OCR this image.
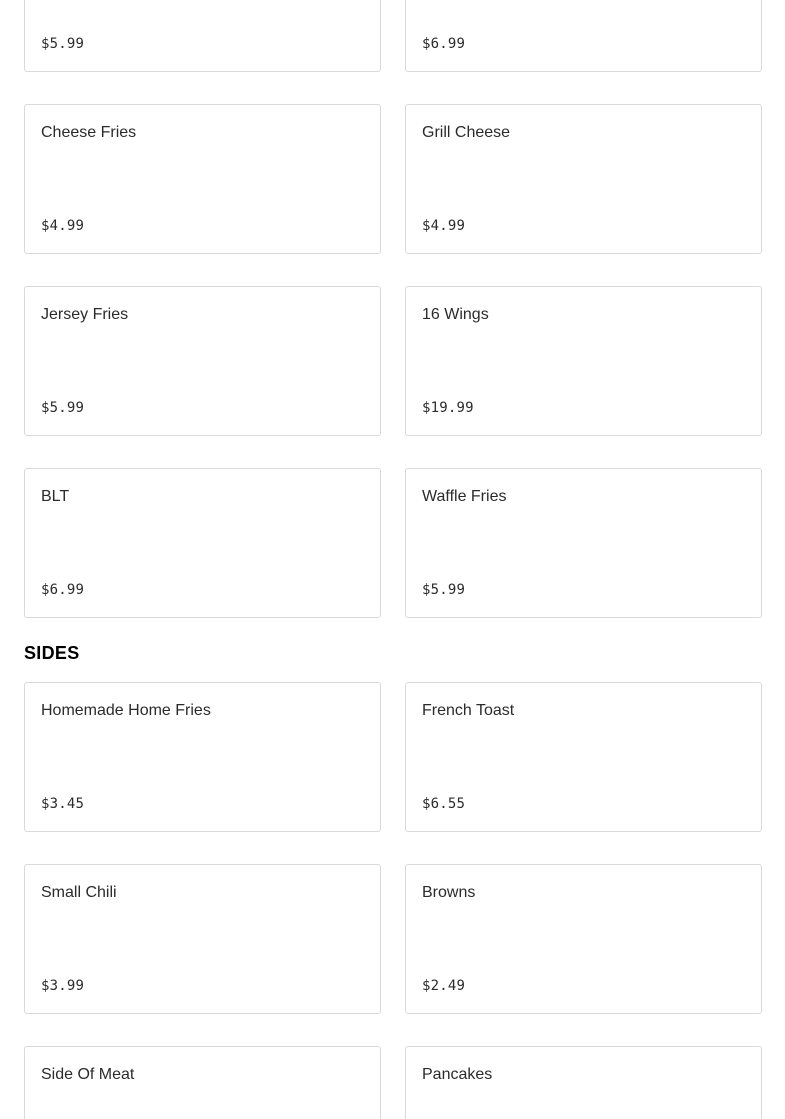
$5.99	$6.99
Cheese Fries
$4.99
Grill Cheese
$4.99
Jersey Fries
$5.99
16 Wings
$19.99
BLT
$6.99
Waffle Fries
$5.99
SIDES
Homemade Home Fries
$3.45
French Toast
$6.55
Small Chili
$3.99
Browns
$2.49
Side Of Meat	Pancakes
